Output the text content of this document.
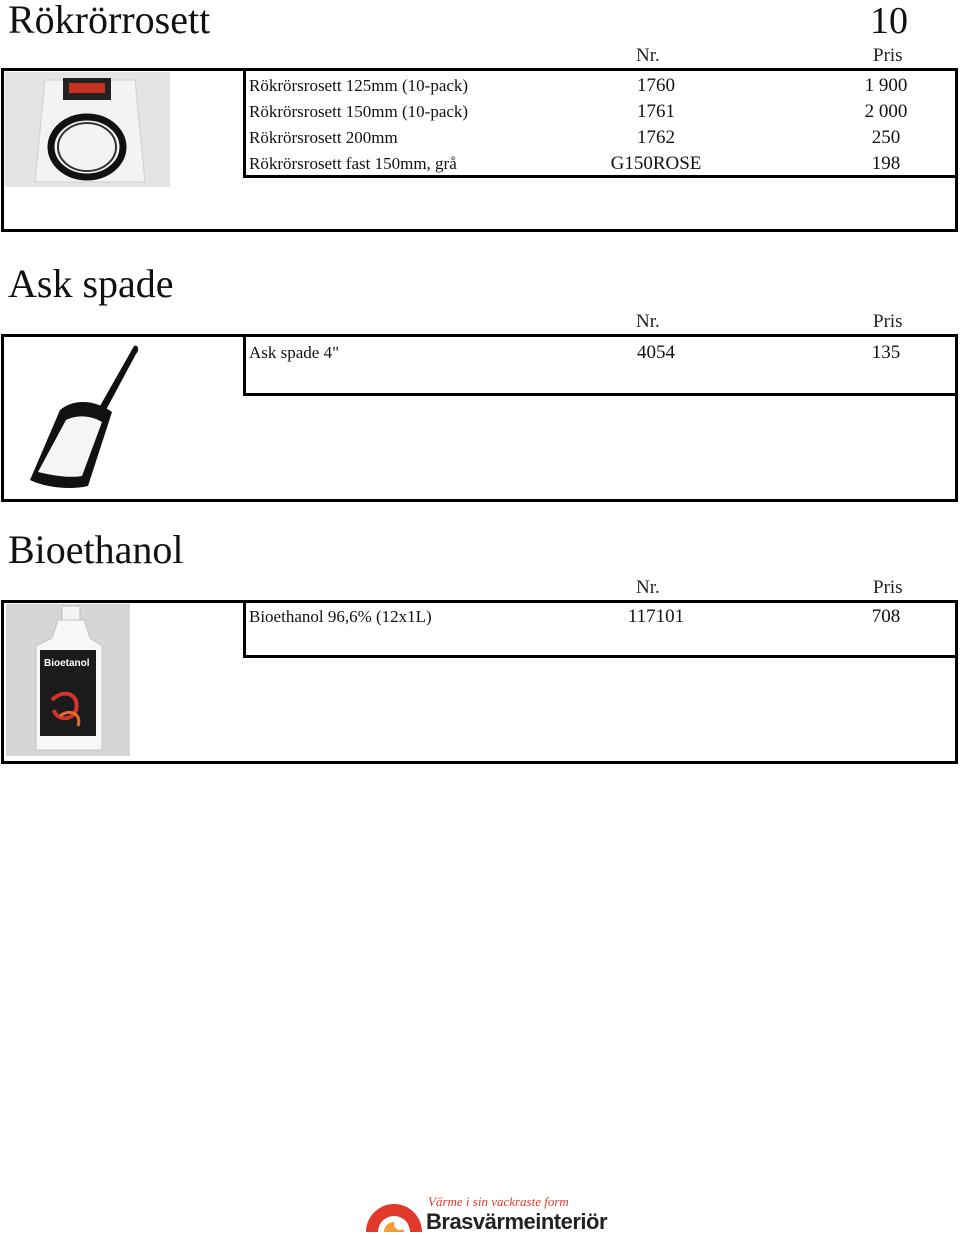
10
Rökrörrosett
Nr.	Pris
Rökrörsrosett 125mm (10-pack)	1760	1 900
Rökrörsrosett 150mm (10-pack)	1761	2 000
Rökrörsrosett 200mm	1762	250
Rökrörsrosett fast 150mm, grå	G150ROSE	198
Ask spade
Nr.	Pris
Ask spade 4"	4054	135
Bioethanol
Nr.	Pris
Bioetanol
Bioethanol 96,6% (12x1L)	117101	708
Värme i sin vackraste form
Brasvärmeinteriör
